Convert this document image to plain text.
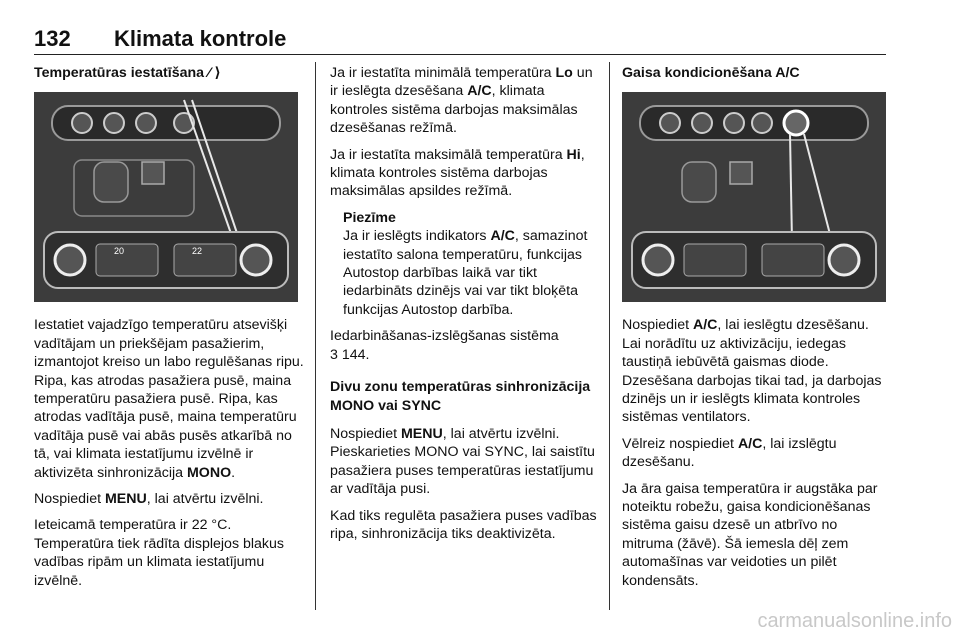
132 Klimata kontrole

Temperatūras iestatīšana ⁄ ⟩

20	22

Iestatiet vajadzīgo temperatūru atsevišķi vadītājam un priekšējam pasažierim, izmantojot kreiso un labo regulēšanas ripu. Ripa, kas atrodas pasažiera pusē, maina temperatūru pasažiera pusē. Ripa, kas atrodas vadītāja pusē, maina temperatūru vadītāja pusē vai abās pusēs atkarībā no tā, vai klimata iestatījumu izvēlnē ir aktivizēta sinhronizācija MONO.

Nospiediet MENU, lai atvērtu izvēlni.

Ieteicamā temperatūra ir 22 °C. Temperatūra tiek rādīta displejos blakus vadības ripām un klimata iestatījumu izvēlnē.

Ja ir iestatīta minimālā temperatūra Lo un ir ieslēgta dzesēšana A/C, klimata kontroles sistēma darbojas maksimālas dzesēšanas režīmā.

Ja ir iestatīta maksimālā temperatūra Hi, klimata kontroles sistēma darbojas maksimālas apsildes režīmā.

Piezīme

Ja ir ieslēgts indikators A/C, samazinot iestatīto salona temperatūru, funkcijas Autostop darbības laikā var tikt iedarbināts dzinējs vai var tikt bloķēta funkcijas Autostop darbība.

Iedarbināšanas-izslēgšanas sistēma
3 144.

Divu zonu temperatūras sinhronizācija MONO vai SYNC

Nospiediet MENU, lai atvērtu izvēlni. Pieskarieties MONO vai SYNC, lai saistītu pasažiera puses temperatūras iestatījumu ar vadītāja pusi.

Kad tiks regulēta pasažiera puses vadības ripa, sinhronizācija tiks deaktivizēta.

Gaisa kondicionēšana A/C

Nospiediet A/C, lai ieslēgtu dzesēšanu. Lai norādītu uz aktivizāciju, iedegas taustiņā iebūvētā gaismas diode. Dzesēšana darbojas tikai tad, ja darbojas dzinējs un ir ieslēgts klimata kontroles sistēmas ventilators.

Vēlreiz nospiediet A/C, lai izslēgtu dzesēšanu.

Ja āra gaisa temperatūra ir augstāka par noteiktu robežu, gaisa kondicionēšanas sistēma gaisu dzesē un atbrīvo no mitruma (žāvē). Šā iemesla dēļ zem automašīnas var veidoties un pilēt kondensāts.

carmanualsonline.info
